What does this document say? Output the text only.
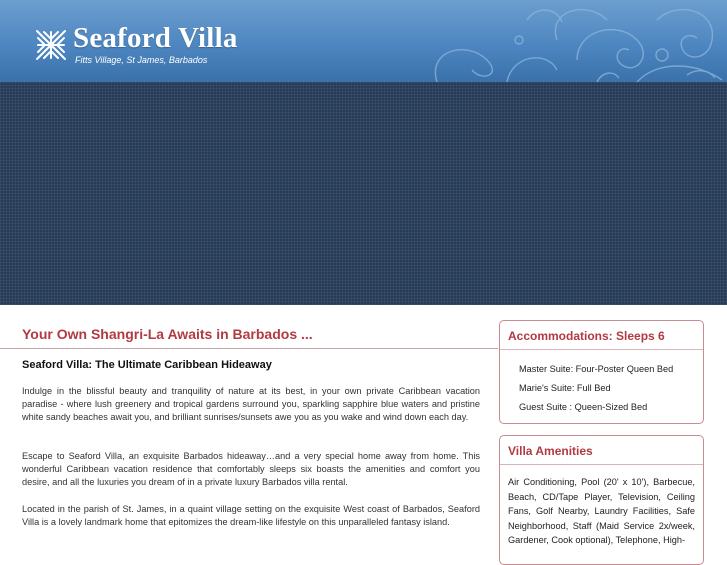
Seaford Villa
Fitts Village, St James, Barbados
Your Own Shangri-La Awaits in Barbados ...
Seaford Villa: The Ultimate Caribbean Hideaway

Indulge in the blissful beauty and tranquility of nature at its best, in your own private Caribbean vacation paradise - where lush greenery and tropical gardens surround you, sparkling sapphire blue waters and pristine white sandy beaches await you, and brilliant sunrises/sunsets awe you as you wake and wind down each day.

Escape to Seaford Villa, an exquisite Barbados hideaway…and a very special home away from home. This wonderful Caribbean vacation residence that comfortably sleeps six boasts the amenities and comfort you desire, and all the luxuries you dream of in a private luxury Barbados villa rental.

Located in the parish of St. James, in a quaint village setting on the exquisite West coast of Barbados, Seaford Villa is a lovely landmark home that epitomizes the dream-like lifestyle on this unparalleled fantasy island.

Accommodations: Sleeps 6
Master Suite: Four-Poster Queen Bed
Marie's Suite: Full Bed
Guest Suite : Queen-Sized Bed
Villa Amenities

Air Conditioning, Pool (20' x 10'), Barbecue, Beach, CD/Tape Player, Television, Ceiling Fans, Golf Nearby, Laundry Facilities, Safe Neighborhood, Staff (Maid Service 2x/week, Gardener, Cook optional), Telephone, High-
